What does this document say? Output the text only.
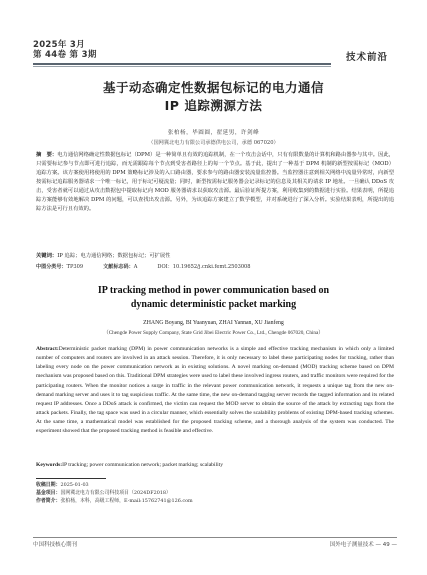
2025年 3月
第 44卷 第 3期	技术前沿
基于动态确定性数据包标记的电力通信
IP 追踪溯源方法
张柏杨，毕圆圆，翟延男，许剑峰
（国网冀北电力有限公司承德供电公司，承德 067020）
摘　要：电力通信网络确定性数据包标记（DPM）是一种简单且有效的追踪机制，在一个攻击会话中，只有有限数量的计算机和路由器参与其中。因此，只需要标记参与节点即可进行追踪，而无需跟踪每个节点到受害者路径上的每一个节点。基于此，提出了一种基于 DPM 机制的新型按需标记（MOD）追踪方案。该方案使用将使用的 DPM 策略标记涉及的入口路由器，要求参与的路由器安装流量监控器。当监控器注意到相关网络中流量异常时，向新型按需标记追踪服务器请求一个唯一标记，用于标记可疑流量；同时，新型按需标记服务器会记录标记的信息及其相关的请求 IP 地址。一旦确认 DDoS 攻击，受害者就可以通过从攻击数据包中提取标记向 MOD 服务器请求以获取攻击源。最后验证所提方案，利用收集到的数据进行实验。结果表明，所提追踪方案能够有效地解决 DPM 的问题，可以查找出攻击源。另外，为该追踪方案建立了数学模型，并对系统进行了深入分析。实验结果表明，所提出的追踪方法是可行且有效的。
关键词：IP 追踪；电力通信网络；数据包标记；可扩展性
中图分类号：TP309	文献标志码：A	DOI：10.19652/j.cnki.femt.2503008
IP tracking method in power communication based on
dynamic deterministic packet marking
ZHANG Boyang, BI Yuanyuan, ZHAI Yannan, XU Jianfeng
（Chengde Power Supply Company, State Grid Jibei Electric Power Co., Ltd., Chengde 067020, China）
Abstract:Deterministic packet marking (DPM) in power communication networks is a simple and effective tracking mechanism in which only a limited number of computers and routers are involved in an attack session. Therefore, it is only necessary to label these participating nodes for tracking, rather than labeling every node on the power communication network as in existing solutions. A novel marking on-demand (MOD) tracking scheme based on DPM mechanism was proposed based on this. Traditional DPM strategies were used to label these involved ingress routers, and traffic monitors were required for the participating routers. When the monitor notices a surge in traffic in the relevant power communication network, it requests a unique tag from the new on-demand marking server and uses it to tag suspicious traffic. At the same time, the new on-demand tagging server records the tagged information and its related request IP addresses. Once a DDoS attack is confirmed, the victim can request the MOD server to obtain the source of the attack by extracting tags from the attack packets. Finally, the tag space was used in a circular manner, which essentially solves the scalability problems of existing DPM-based tracking schemes. At the same time, a mathematical model was established for the proposed tracking scheme, and a thorough analysis of the system was conducted. The experiment showed that the proposed tracking method is feasible and effective.
Keywords:IP tracking; power communication network; packet marking; scalability
收稿日期：2025-01-03
基金项目：国网冀北电力有限公司科技项目（2024DF2018）
作者简介：张柏杨，本科，高级工程师，E-mail:15762741@126.com
中国科技核心期刊	国外电子测量技术 — 49 —
